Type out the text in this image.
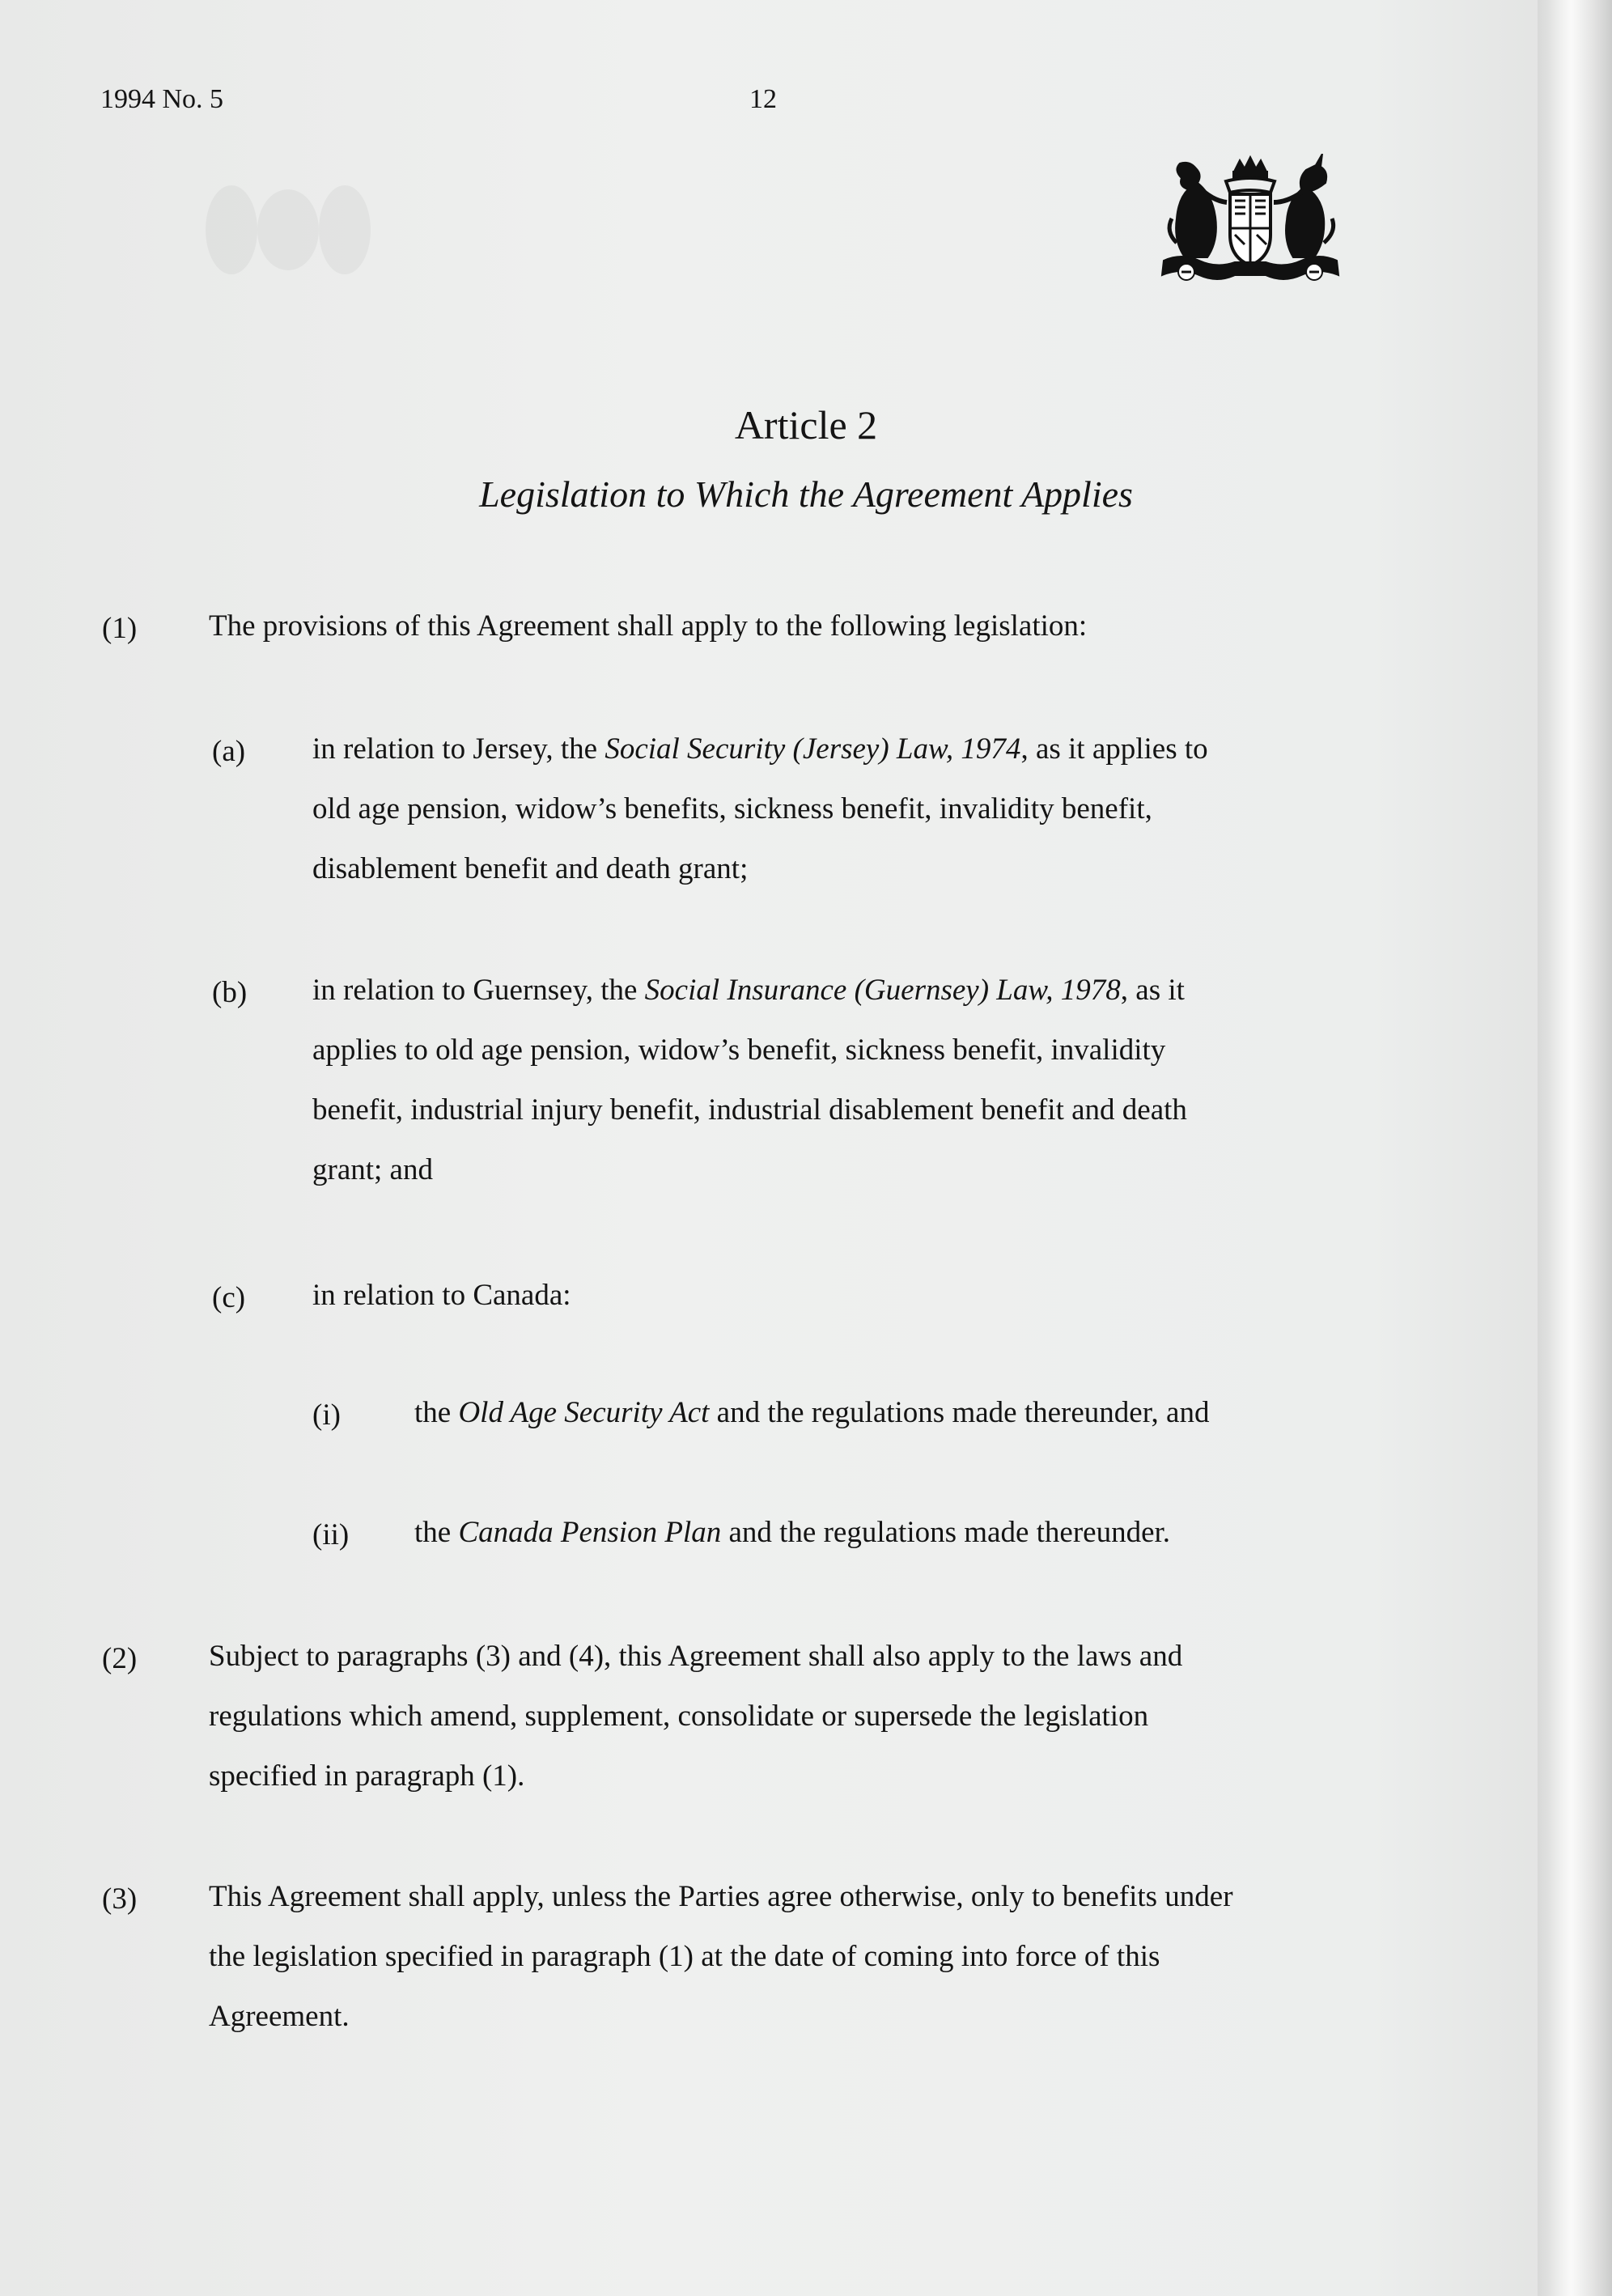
1994 No. 5	12
Article 2
Legislation to Which the Agreement Applies
(1) The provisions of this Agreement shall apply to the following legislation:
(a) in relation to Jersey, the Social Security (Jersey) Law, 1974, as it applies to
old age pension, widow’s benefits, sickness benefit, invalidity benefit,
disablement benefit and death grant;
(b) in relation to Guernsey, the Social Insurance (Guernsey) Law, 1978, as it
applies to old age pension, widow’s benefit, sickness benefit, invalidity
benefit, industrial injury benefit, industrial disablement benefit and death
grant; and
(c) in relation to Canada:
(i) the Old Age Security Act and the regulations made thereunder, and
(ii) the Canada Pension Plan and the regulations made thereunder.
(2) Subject to paragraphs (3) and (4), this Agreement shall also apply to the laws and
regulations which amend, supplement, consolidate or supersede the legislation
specified in paragraph (1).
(3) This Agreement shall apply, unless the Parties agree otherwise, only to benefits under
the legislation specified in paragraph (1) at the date of coming into force of this
Agreement.
